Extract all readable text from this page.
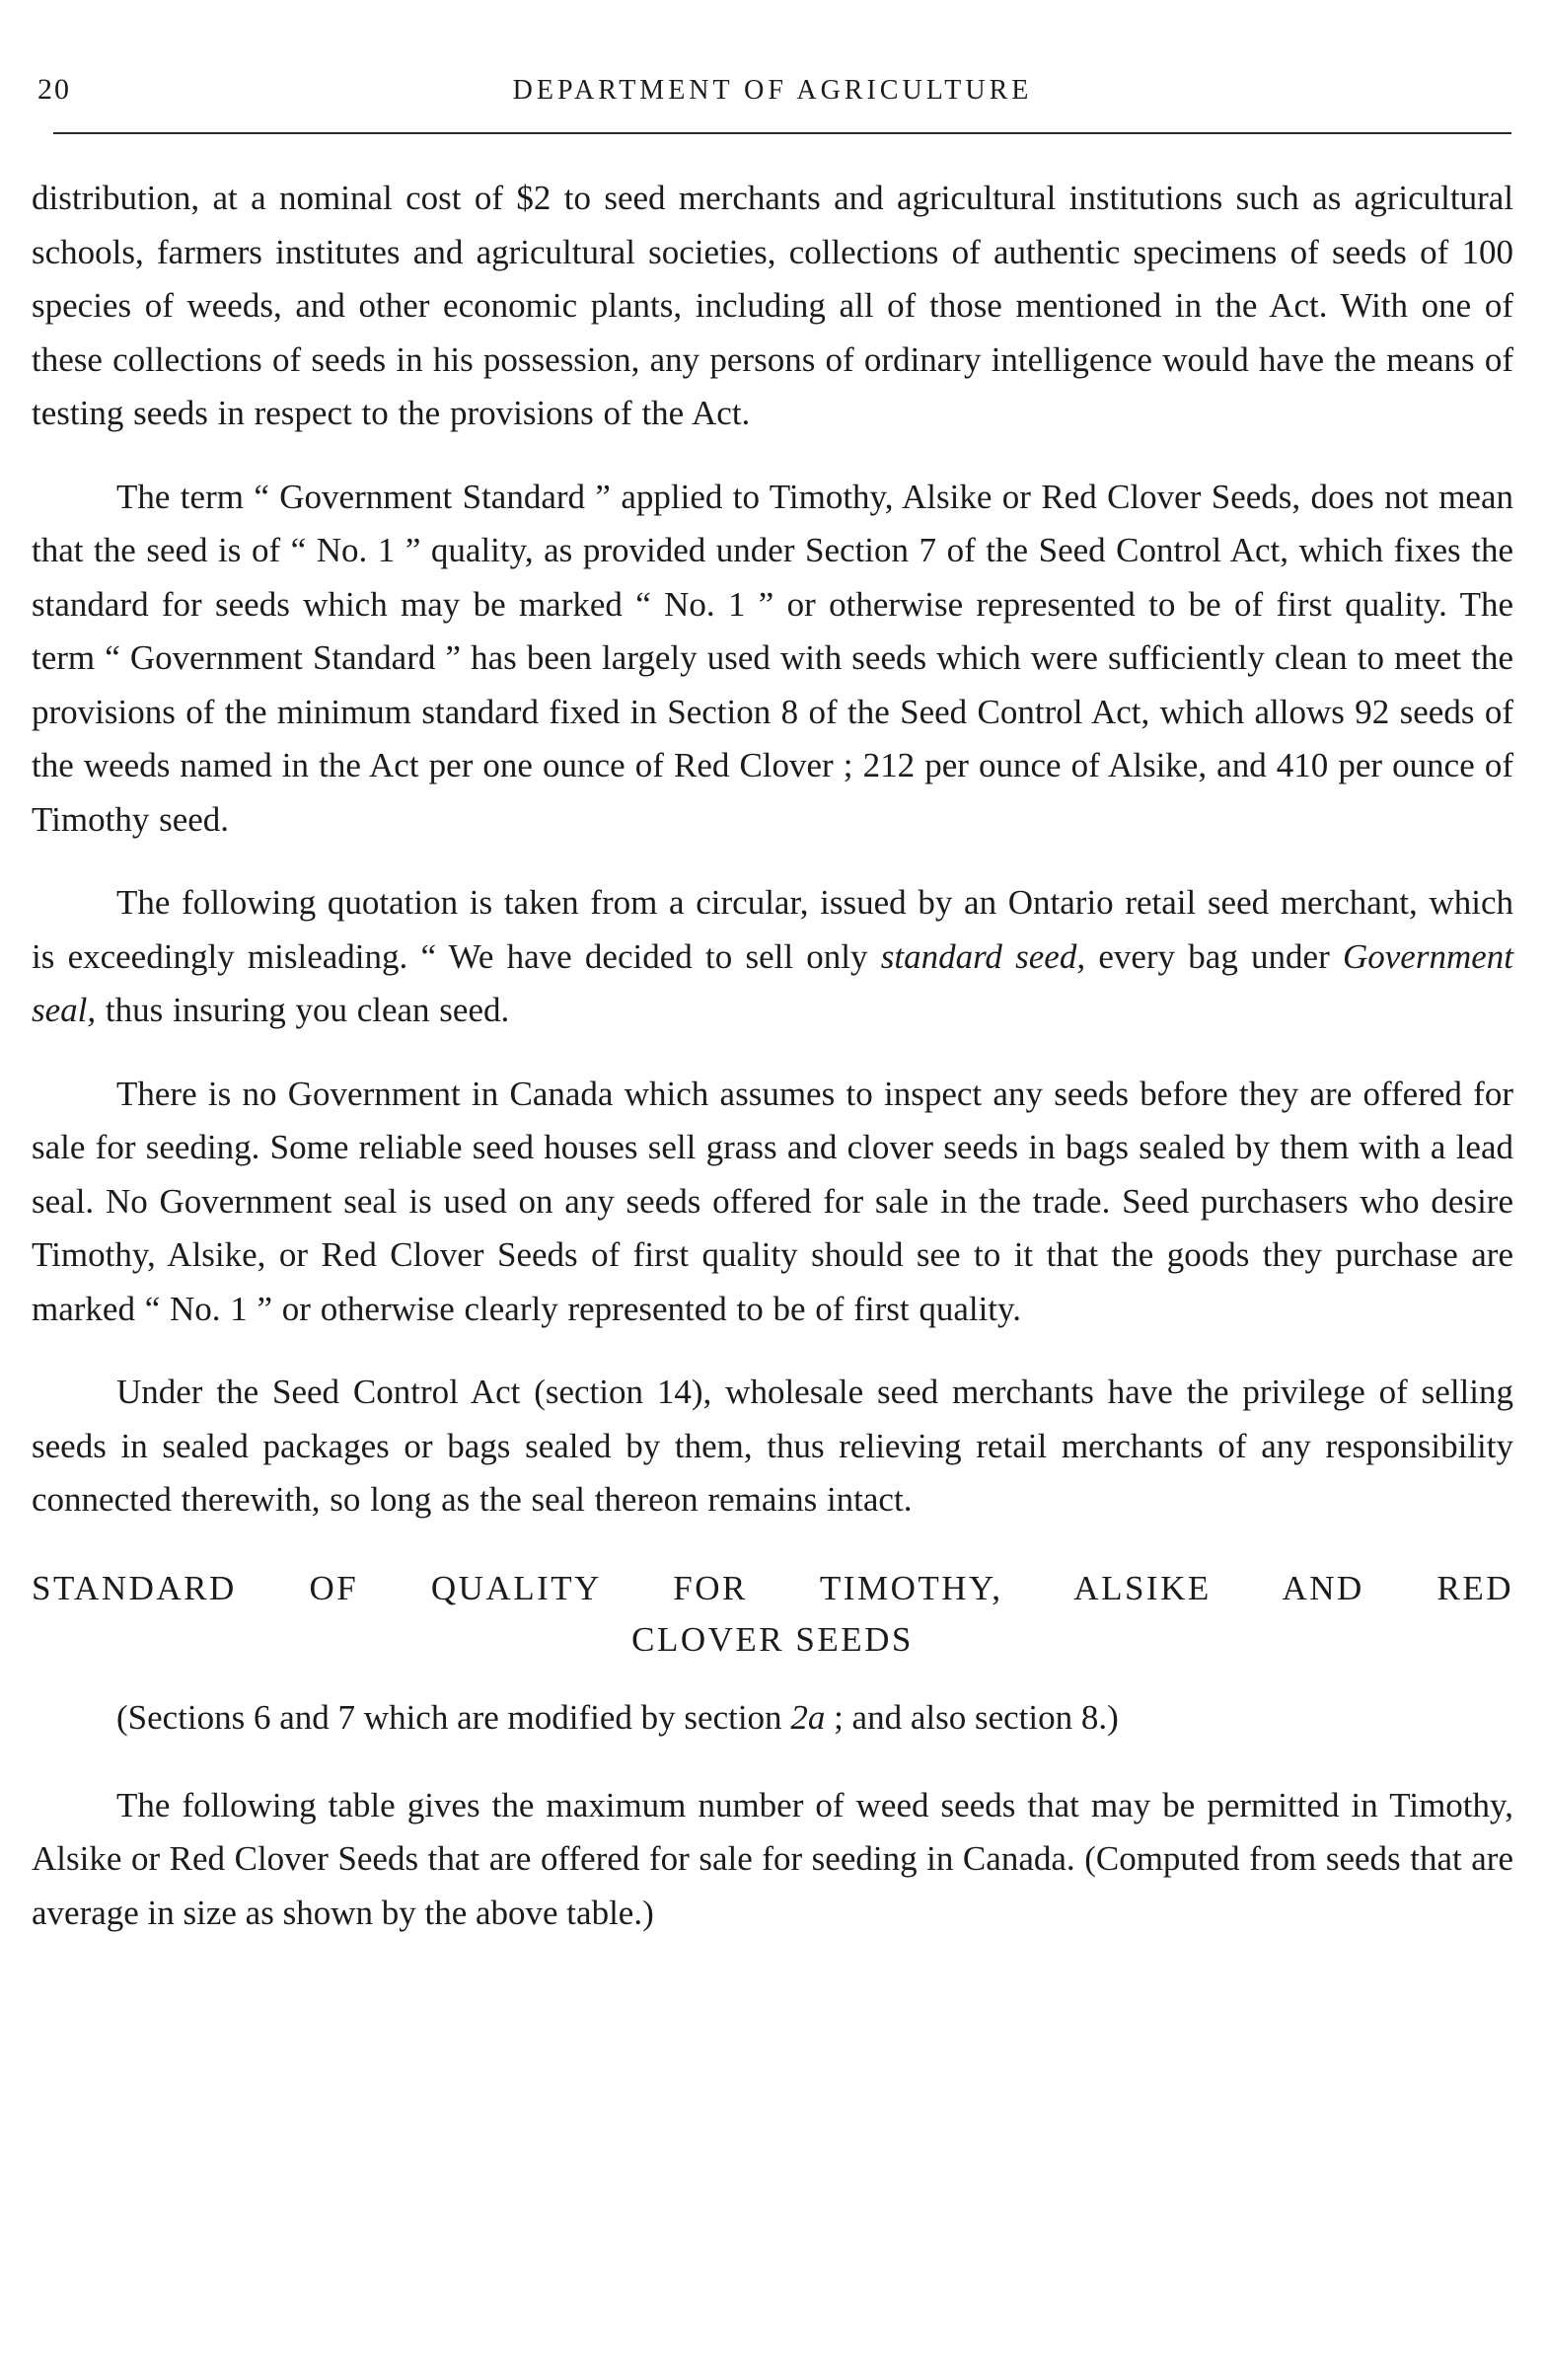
20	DEPARTMENT OF AGRICULTURE

distribution, at a nominal cost of $2 to seed merchants and agricultural institutions such as agricultural schools, farmers institutes and agricultural societies, collections of authentic specimens of seeds of 100 species of weeds, and other economic plants, including all of those mentioned in the Act. With one of these collections of seeds in his possession, any persons of ordinary intelligence would have the means of testing seeds in respect to the provisions of the Act.

The term “ Government Standard ” applied to Timothy, Alsike or Red Clover Seeds, does not mean that the seed is of “ No. 1 ” quality, as provided under Section 7 of the Seed Control Act, which fixes the standard for seeds which may be marked “ No. 1 ” or otherwise represented to be of first quality. The term “ Government Standard ” has been largely used with seeds which were sufficiently clean to meet the provisions of the minimum standard fixed in Section 8 of the Seed Control Act, which allows 92 seeds of the weeds named in the Act per one ounce of Red Clover ; 212 per ounce of Alsike, and 410 per ounce of Timothy seed.

The following quotation is taken from a circular, issued by an Ontario retail seed merchant, which is exceedingly misleading. “ We have decided to sell only standard seed, every bag under Government seal, thus insuring you clean seed.

There is no Government in Canada which assumes to inspect any seeds before they are offered for sale for seeding. Some reliable seed houses sell grass and clover seeds in bags sealed by them with a lead seal. No Government seal is used on any seeds offered for sale in the trade. Seed purchasers who desire Timothy, Alsike, or Red Clover Seeds of first quality should see to it that the goods they purchase are marked “ No. 1 ” or otherwise clearly represented to be of first quality.

Under the Seed Control Act (section 14), wholesale seed merchants have the privilege of selling seeds in sealed packages or bags sealed by them, thus relieving retail merchants of any responsibility connected therewith, so long as the seal thereon remains intact.

STANDARD OF QUALITY FOR TIMOTHY, ALSIKE AND RED
CLOVER SEEDS

(Sections 6 and 7 which are modified by section 2a ; and also section 8.)

The following table gives the maximum number of weed seeds that may be permitted in Timothy, Alsike or Red Clover Seeds that are offered for sale for seeding in Canada. (Computed from seeds that are average in size as shown by the above table.)
